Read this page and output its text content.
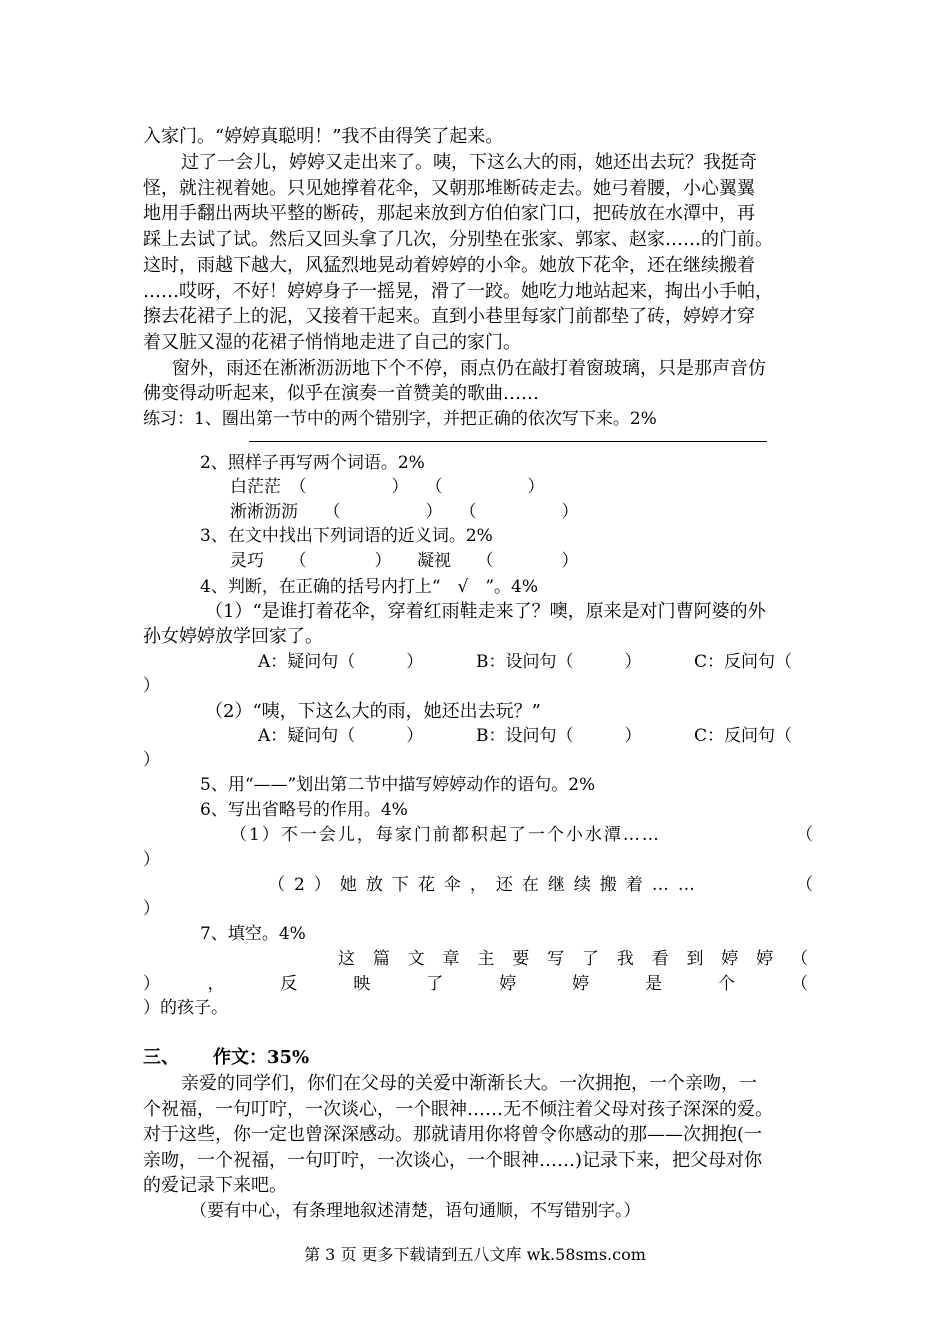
入家门。“婷婷真聪明！”我不由得笑了起来。
过了一会儿，婷婷又走出来了。咦，下这么大的雨，她还出去玩？我挺奇
怪，就注视着她。只见她撑着花伞，又朝那堆断砖走去。她弓着腰，小心翼翼
地用手翻出两块平整的断砖，那起来放到方伯伯家门口，把砖放在水潭中，再
踩上去试了试。然后又回头拿了几次，分别垫在张家、郭家、赵家……的门前。
这时，雨越下越大，风猛烈地晃动着婷婷的小伞。她放下花伞，还在继续搬着
……哎呀，不好！婷婷身子一摇晃，滑了一跤。她吃力地站起来，掏出小手帕，
擦去花裙子上的泥，又接着干起来。直到小巷里每家门前都垫了砖，婷婷才穿
着又脏又湿的花裙子悄悄地走进了自己的家门。
窗外，雨还在淅淅沥沥地下个不停，雨点仍在敲打着窗玻璃，只是那声音仿
佛变得动听起来，似乎在演奏一首赞美的歌曲……
练习：1、圈出第一节中的两个错别字，并把正确的依次写下来。2%
2、照样子再写两个词语。2%
白茫茫　（　　　　　）　　（　　　　　）
淅淅沥沥　　（　　　　　）　　（　　　　　）
3、在文中找出下列词语的近义词。2%
灵巧　　（　　　　）　　凝视　　（　　　　）
4、判断，在正确的括号内打上“　√　”。4%
（1）“是谁打着花伞，穿着红雨鞋走来了？噢，原来是对门曹阿婆的外
孙女婷婷放学回家了。
A：疑问句（　　　）	B：设问句（　　　）	C：反问句（
）
（2）“咦，下这么大的雨，她还出去玩？”
A：疑问句（　　　）	B：设问句（　　　）	C：反问句（
）
5、用“——”划出第二节中描写婷婷动作的语句。2%
6、写出省略号的作用。4%
（1）不一会儿，每家门前都积起了一个小水潭……	（
）
（2）她放下花伞，还在继续搬着……	（
）
7、填空。4%
这篇文章主要写了我看到婷婷（
），反映了婷婷是个（
）的孩子。
三、 作文：35%
亲爱的同学们，你们在父母的关爱中渐渐长大。一次拥抱，一个亲吻，一
个祝福，一句叮咛，一次谈心，一个眼神……无不倾注着父母对孩子深深的爱。
对于这些，你一定也曾深深感动。那就请用你将曾令你感动的那——次拥抱(一
亲吻，一个祝福，一句叮咛，一次谈心，一个眼神……)记录下来，把父母对你
的爱记录下来吧。
（要有中心，有条理地叙述清楚，语句通顺，不写错别字。）
第 3 页 更多下载请到五八文库 wk.58sms.com
